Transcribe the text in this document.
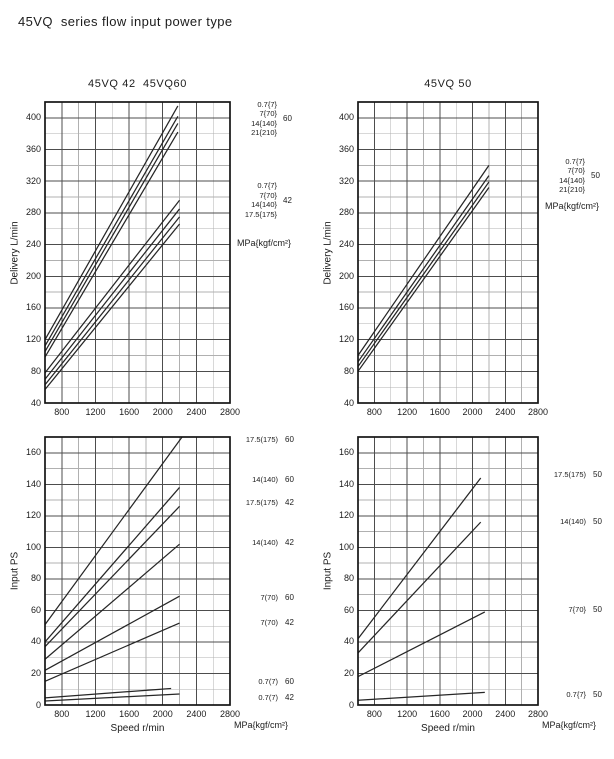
45VQ  series flow input power type
45VQ 42  45VQ60
40
80
120
160
200
240
280
320
360
400
800	1200	1600	2000	2400	2800
Delivery L/min
0.7{7}
7{70}
14{140}
21{210}
60
0.7{7}
7{70}
14{140}
17.5{175}
42
MPa{kgf/cm²}
45VQ 50
40
80
120
160
200
240
280
320
360
400
800	1200	1600	2000	2400	2800
Delivery L/min
0.7{7}
7{70}
14{140}
21{210}
50
MPa{kgf/cm²}
0
20
40
60
80
100
120
140
160
800	1200	1600	2000	2400	2800
Input PS
Speed r/min
17.5(175) 60
14(140) 60
17.5(175) 42
14(140) 42
7(70) 60
7(70) 42
0.7(7) 60
0.7(7) 42
MPa{kgf/cm²}
0
20
40
60
80
100
120
140
160
800	1200	1600	2000	2400	2800
Input PS
Speed r/min
17.5(175) 50
14(140) 50
7{70} 50
0.7{7} 50
MPa{kgf/cm²}
